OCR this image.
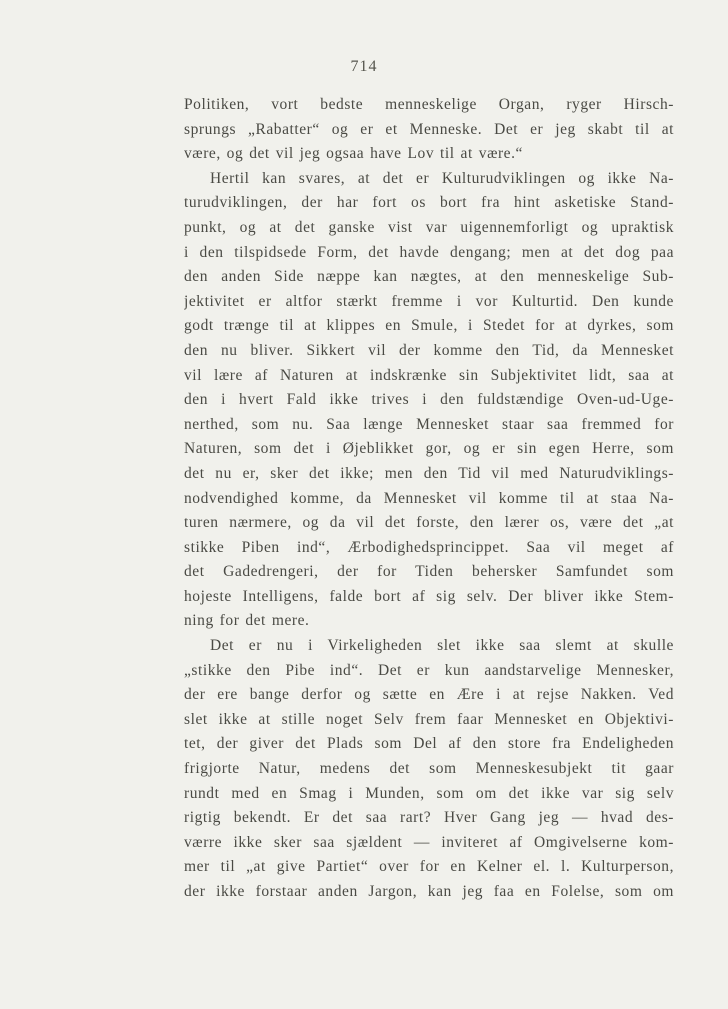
714
Politiken, vort bedste menneskelige Organ, ryger Hirsch-
sprungs „Rabatter“ og er et Menneske. Det er jeg skabt til at
være, og det vil jeg ogsaa have Lov til at være.“
Hertil kan svares, at det er Kulturudviklingen og ikke Na-
turudviklingen, der har fort os bort fra hint asketiske Stand-
punkt, og at det ganske vist var uigennemforligt og upraktisk
i den tilspidsede Form, det havde dengang; men at det dog paa
den anden Side næppe kan nægtes, at den menneskelige Sub-
jektivitet er altfor stærkt fremme i vor Kulturtid. Den kunde
godt trænge til at klippes en Smule, i Stedet for at dyrkes, som
den nu bliver. Sikkert vil der komme den Tid, da Mennesket
vil lære af Naturen at indskrænke sin Subjektivitet lidt, saa at
den i hvert Fald ikke trives i den fuldstændige Oven-ud-Uge-
nerthed, som nu. Saa længe Mennesket staar saa fremmed for
Naturen, som det i Øjeblikket gor, og er sin egen Herre, som
det nu er, sker det ikke; men den Tid vil med Naturudviklings-
nodvendighed komme, da Mennesket vil komme til at staa Na-
turen nærmere, og da vil det forste, den lærer os, være det „at
stikke Piben ind“, Ærbodighedsprincippet. Saa vil meget af
det Gadedrengeri, der for Tiden behersker Samfundet som
hojeste Intelligens, falde bort af sig selv. Der bliver ikke Stem-
ning for det mere.
Det er nu i Virkeligheden slet ikke saa slemt at skulle
„stikke den Pibe ind“. Det er kun aandstarvelige Mennesker,
der ere bange derfor og sætte en Ære i at rejse Nakken. Ved
slet ikke at stille noget Selv frem faar Mennesket en Objektivi-
tet, der giver det Plads som Del af den store fra Endeligheden
frigjorte Natur, medens det som Menneskesubjekt tit gaar
rundt med en Smag i Munden, som om det ikke var sig selv
rigtig bekendt. Er det saa rart? Hver Gang jeg — hvad des-
værre ikke sker saa sjældent — inviteret af Omgivelserne kom-
mer til „at give Partiet“ over for en Kelner el. l. Kulturperson,
der ikke forstaar anden Jargon, kan jeg faa en Folelse, som om
